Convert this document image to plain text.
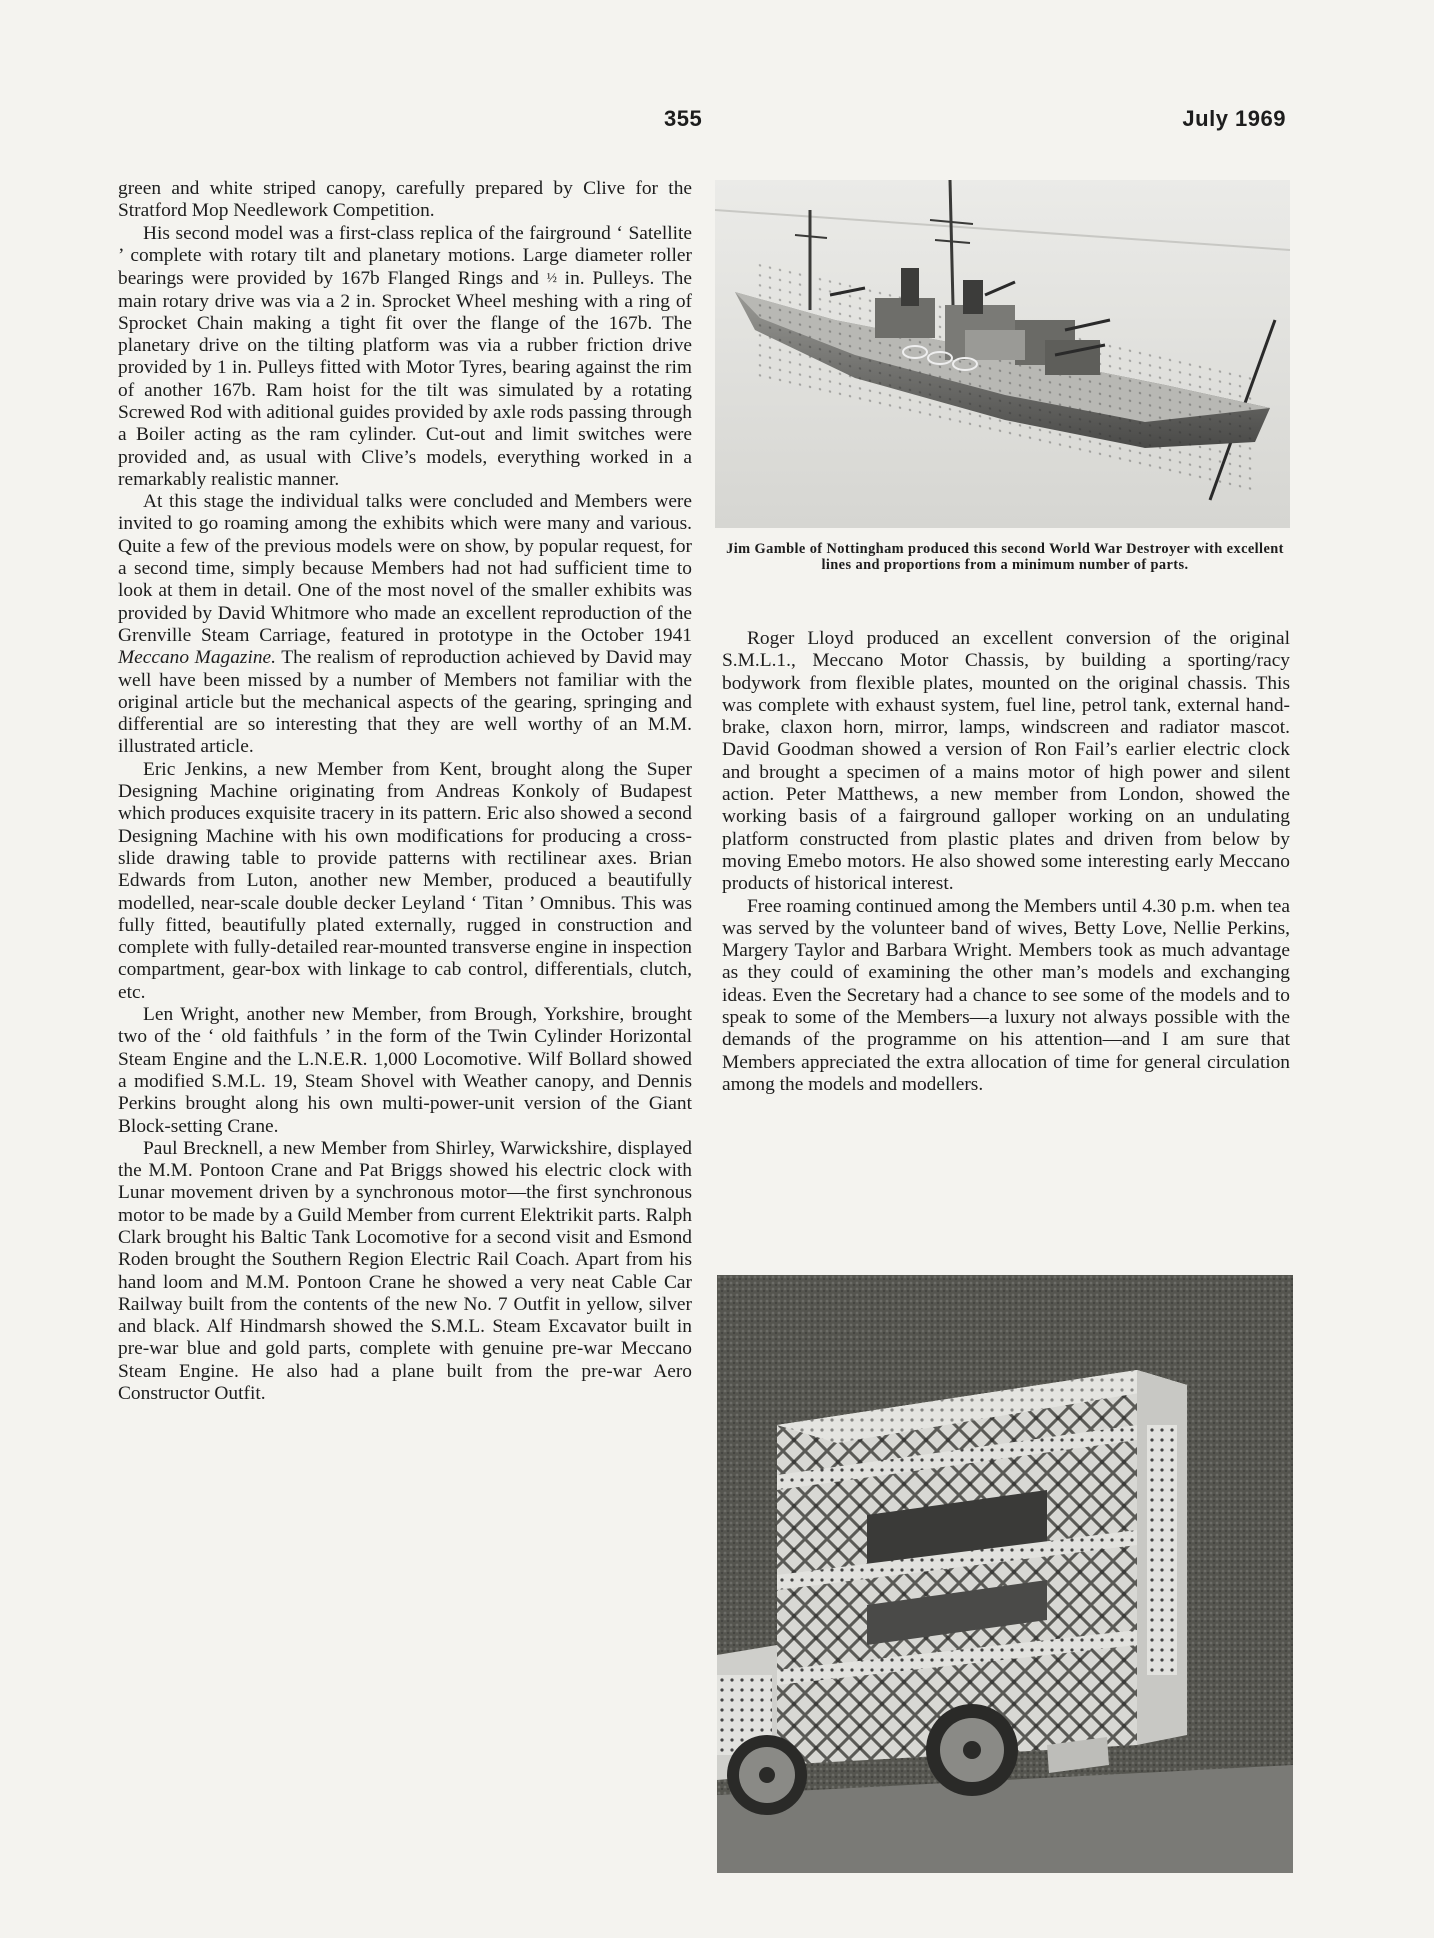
355	July 1969

green and white striped canopy, carefully prepared by Clive for the Stratford Mop Needlework Competition.

His second model was a first-class replica of the fairground ‘ Satellite ’ complete with rotary tilt and planetary motions. Large diameter roller bearings were provided by 167b Flanged Rings and ½ in. Pulleys. The main rotary drive was via a 2 in. Sprocket Wheel meshing with a ring of Sprocket Chain making a tight fit over the flange of the 167b. The planetary drive on the tilting platform was via a rubber friction drive provided by 1 in. Pulleys fitted with Motor Tyres, bearing against the rim of another 167b. Ram hoist for the tilt was simulated by a rotating Screwed Rod with aditional guides provided by axle rods passing through a Boiler acting as the ram cylinder. Cut-out and limit switches were provided and, as usual with Clive’s models, everything worked in a remarkably realistic manner.

At this stage the individual talks were concluded and Members were invited to go roaming among the exhibits which were many and various. Quite a few of the previous models were on show, by popular request, for a second time, simply because Members had not had sufficient time to look at them in detail. One of the most novel of the smaller exhibits was provided by David Whitmore who made an excellent reproduction of the Grenville Steam Carriage, featured in prototype in the October 1941 Meccano Magazine. The realism of reproduction achieved by David may well have been missed by a number of Members not familiar with the original article but the mechanical aspects of the gearing, springing and differential are so interesting that they are well worthy of an M.M. illustrated article.

Eric Jenkins, a new Member from Kent, brought along the Super Designing Machine originating from Andreas Konkoly of Budapest which produces exquisite tracery in its pattern. Eric also showed a second Designing Machine with his own modifications for producing a cross-slide drawing table to provide patterns with rectilinear axes. Brian Edwards from Luton, another new Member, produced a beautifully modelled, near-scale double decker Leyland ‘ Titan ’ Omnibus. This was fully fitted, beautifully plated externally, rugged in construction and complete with fully-detailed rear-mounted transverse engine in inspection compartment, gear-box with linkage to cab control, differentials, clutch, etc.

Len Wright, another new Member, from Brough, Yorkshire, brought two of the ‘ old faithfuls ’ in the form of the Twin Cylinder Horizontal Steam Engine and the L.N.E.R. 1,000 Locomotive. Wilf Bollard showed a modified S.M.L. 19, Steam Shovel with Weather canopy, and Dennis Perkins brought along his own multi-power-unit version of the Giant Block-setting Crane.

Paul Brecknell, a new Member from Shirley, Warwickshire, displayed the M.M. Pontoon Crane and Pat Briggs showed his electric clock with Lunar movement driven by a synchronous motor—the first synchronous motor to be made by a Guild Member from current Elektrikit parts. Ralph Clark brought his Baltic Tank Locomotive for a second visit and Esmond Roden brought the Southern Region Electric Rail Coach. Apart from his hand loom and M.M. Pontoon Crane he showed a very neat Cable Car Railway built from the contents of the new No. 7 Outfit in yellow, silver and black. Alf Hindmarsh showed the S.M.L. Steam Excavator built in pre-war blue and gold parts, complete with genuine pre-war Meccano Steam Engine. He also had a plane built from the pre-war Aero Constructor Outfit.

Jim Gamble of Nottingham produced this second World War Destroyer with excellent lines and proportions from a minimum number of parts.

Roger Lloyd produced an excellent conversion of the original S.M.L.1., Meccano Motor Chassis, by building a sporting/racy bodywork from flexible plates, mounted on the original chassis. This was complete with exhaust system, fuel line, petrol tank, external hand-brake, claxon horn, mirror, lamps, windscreen and radiator mascot. David Goodman showed a version of Ron Fail’s earlier electric clock and brought a specimen of a mains motor of high power and silent action. Peter Matthews, a new member from London, showed the working basis of a fairground galloper working on an undulating platform constructed from plastic plates and driven from below by moving Emebo motors. He also showed some interesting early Meccano products of historical interest.

Free roaming continued among the Members until 4.30 p.m. when tea was served by the volunteer band of wives, Betty Love, Nellie Perkins, Margery Taylor and Barbara Wright. Members took as much advantage as they could of examining the other man’s models and exchanging ideas. Even the Secretary had a chance to see some of the models and to speak to some of the Members—a luxury not always possible with the demands of the programme on his attention—and I am sure that Members appreciated the extra allocation of time for general circulation among the models and modellers.
